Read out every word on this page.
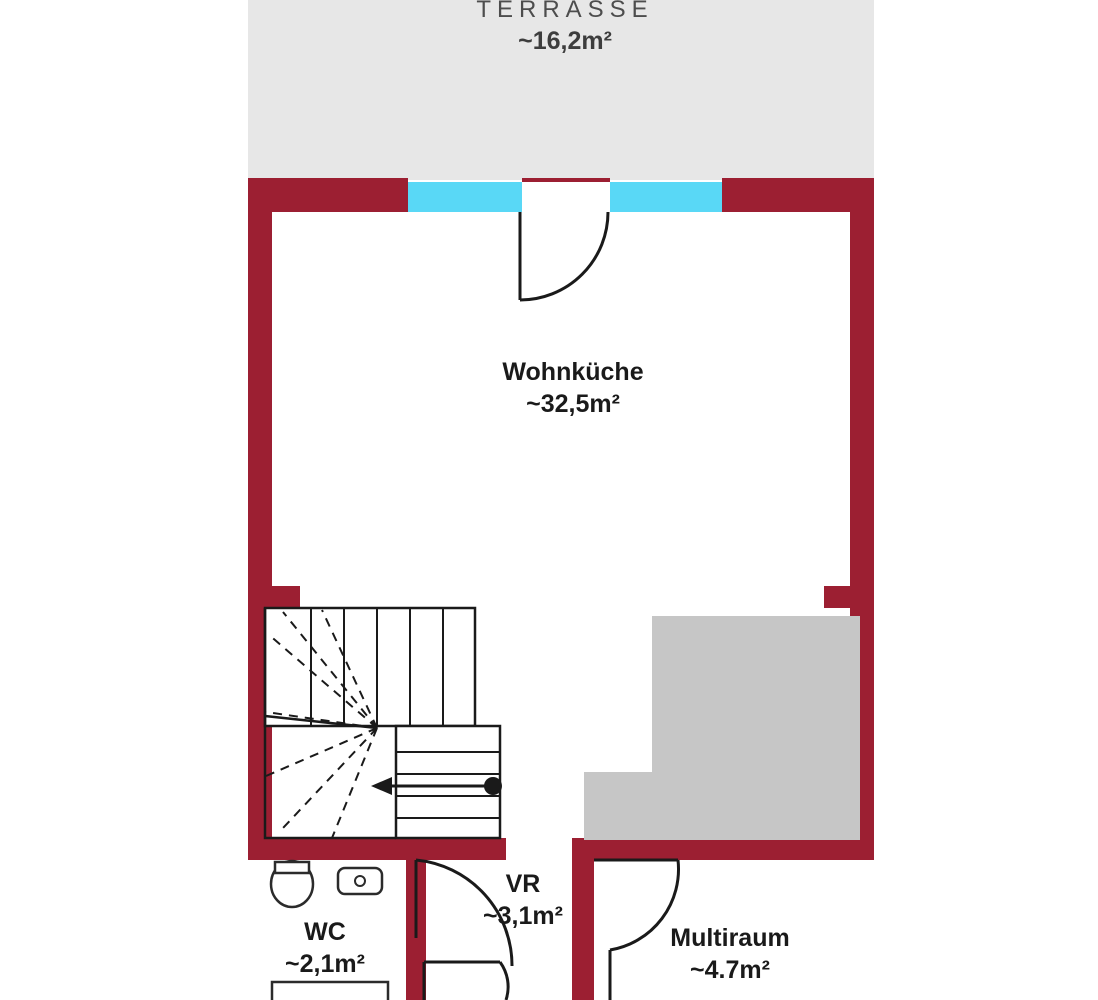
TERRASSE
~16,2m²
Wohnküche
~32,5m²
WC
~2,1m²
VR
~3,1m²
Multiraum
~4.7m²
